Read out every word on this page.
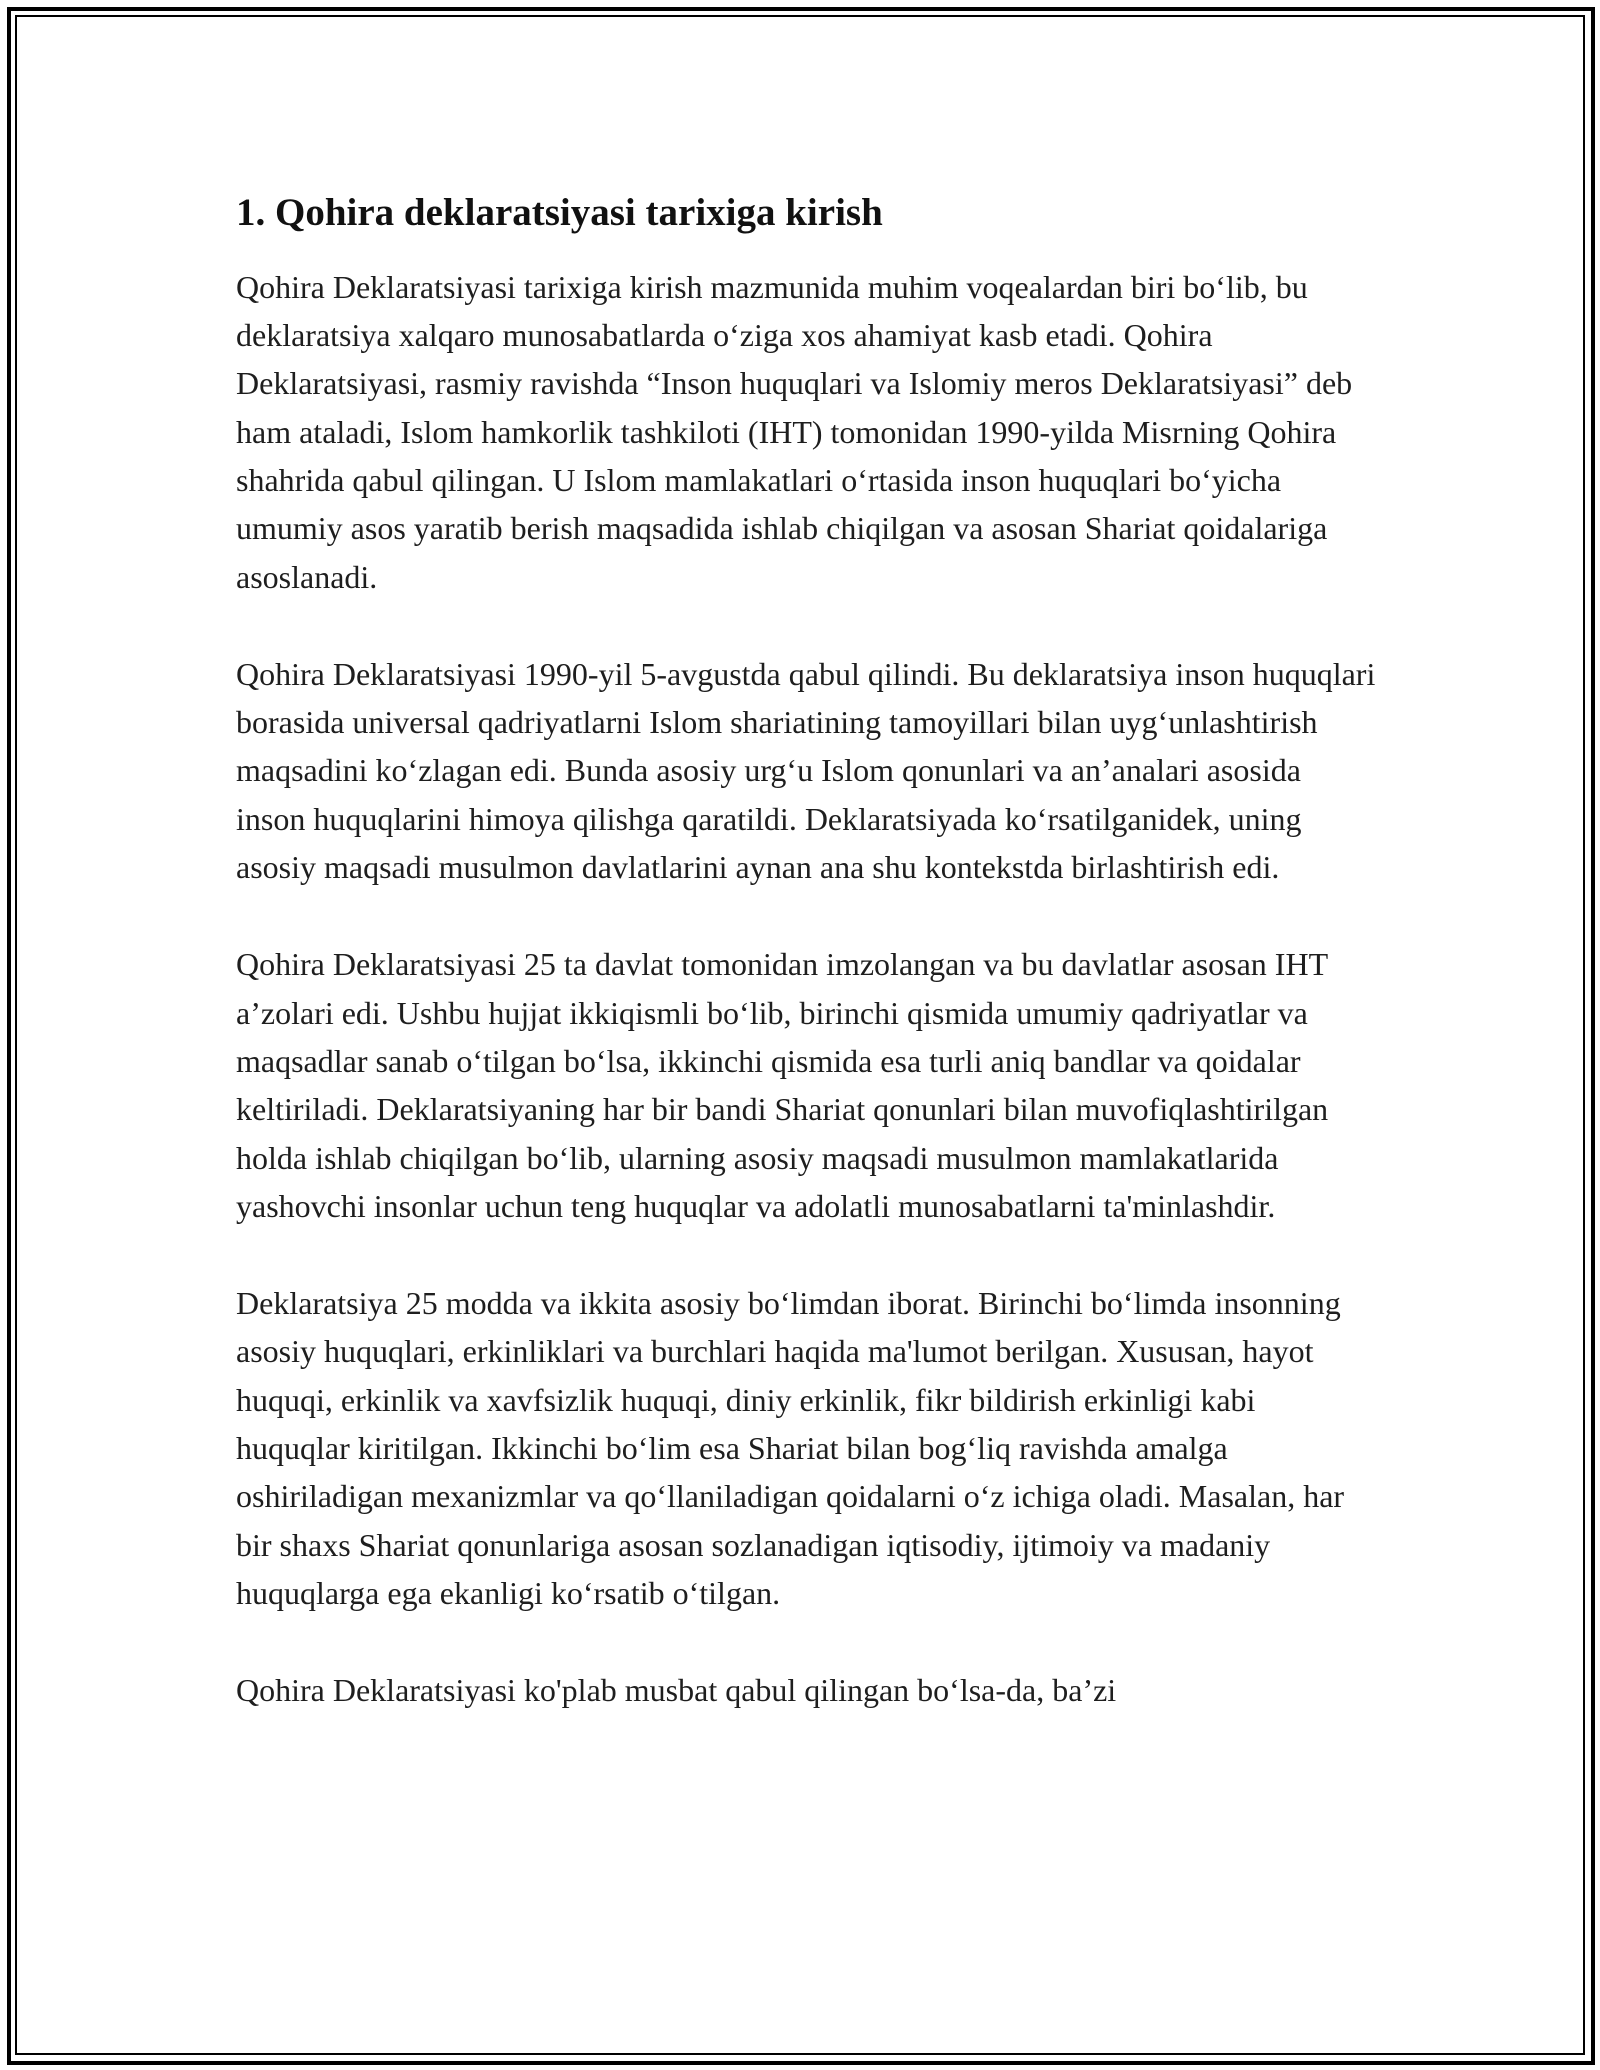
1. Qohira deklaratsiyasi tarixiga kirish

Qohira Deklaratsiyasi tarixiga kirish mazmunida muhim voqealardan biri bo‘lib, bu deklaratsiya xalqaro munosabatlarda o‘ziga xos ahamiyat kasb etadi. Qohira Deklaratsiyasi, rasmiy ravishda “Inson huquqlari va Islomiy meros Deklaratsiyasi” deb ham ataladi, Islom hamkorlik tashkiloti (IHT) tomonidan 1990-yilda Misrning Qohira shahrida qabul qilingan. U Islom mamlakatlari o‘rtasida inson huquqlari bo‘yicha umumiy asos yaratib berish maqsadida ishlab chiqilgan va asosan Shariat qoidalariga asoslanadi.

Qohira Deklaratsiyasi 1990-yil 5-avgustda qabul qilindi. Bu deklaratsiya inson huquqlari borasida universal qadriyatlarni Islom shariatining tamoyillari bilan uyg‘unlashtirish maqsadini ko‘zlagan edi. Bunda asosiy urg‘u Islom qonunlari va an’analari asosida inson huquqlarini himoya qilishga qaratildi. Deklaratsiyada ko‘rsatilganidek, uning asosiy maqsadi musulmon davlatlarini aynan ana shu kontekstda birlashtirish edi.

Qohira Deklaratsiyasi 25 ta davlat tomonidan imzolangan va bu davlatlar asosan IHT a’zolari edi. Ushbu hujjat ikkiqismli bo‘lib, birinchi qismida umumiy qadriyatlar va maqsadlar sanab o‘tilgan bo‘lsa, ikkinchi qismida esa turli aniq bandlar va qoidalar keltiriladi. Deklaratsiyaning har bir bandi Shariat qonunlari bilan muvofiqlashtirilgan holda ishlab chiqilgan bo‘lib, ularning asosiy maqsadi musulmon mamlakatlarida yashovchi insonlar uchun teng huquqlar va adolatli munosabatlarni ta'minlashdir.

Deklaratsiya 25 modda va ikkita asosiy bo‘limdan iborat. Birinchi bo‘limda insonning asosiy huquqlari, erkinliklari va burchlari haqida ma'lumot berilgan. Xususan, hayot huquqi, erkinlik va xavfsizlik huquqi, diniy erkinlik, fikr bildirish erkinligi kabi huquqlar kiritilgan. Ikkinchi bo‘lim esa Shariat bilan bog‘liq ravishda amalga oshiriladigan mexanizmlar va qo‘llaniladigan qoidalarni o‘z ichiga oladi. Masalan, har bir shaxs Shariat qonunlariga asosan sozlanadigan iqtisodiy, ijtimoiy va madaniy huquqlarga ega ekanligi ko‘rsatib o‘tilgan.

Qohira Deklaratsiyasi ko'plab musbat qabul qilingan bo‘lsa-da, ba’zi
